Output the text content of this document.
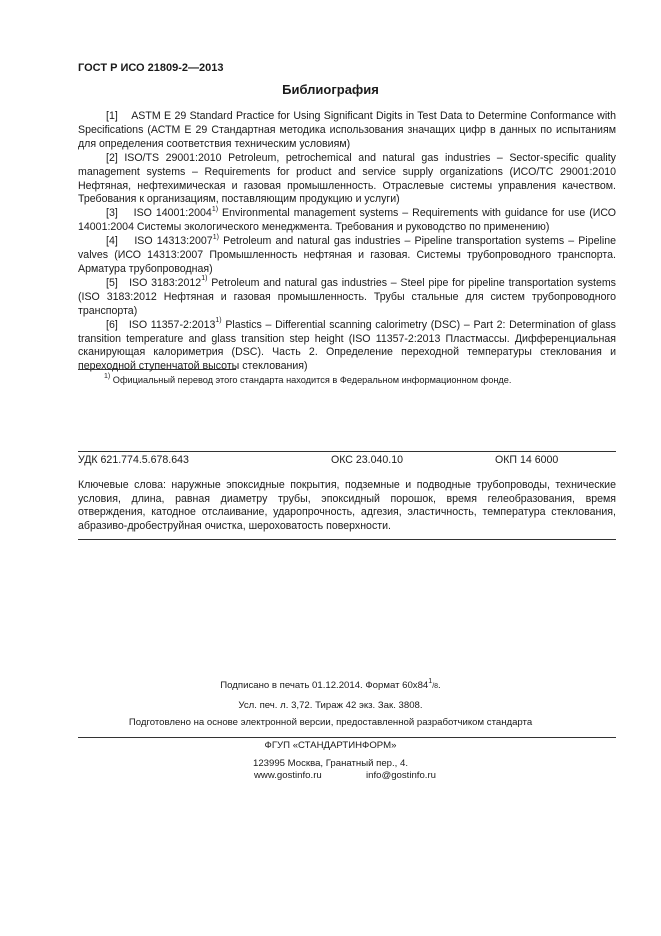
ГОСТ Р ИСО 21809-2—2013
Библиография

[1] ASTM E 29 Standard Practice for Using Significant Digits in Test Data to Determine Conformance with Specifications (АСТМ Е 29 Стандартная методика использования значащих цифр в данных по испытаниям для определения соответствия техническим условиям)

[2] ISO/TS 29001:2010 Petroleum, petrochemical and natural gas industries – Sector-specific quality management systems – Requirements for product and service supply organizations (ИСО/ТС 29001:2010 Нефтяная, нефтехимическая и газовая промышленность. Отраслевые системы управления качеством. Требования к организациям, поставляющим продукцию и услуги)

[3] ISO 14001:2004$^{1)}$ Environmental management systems – Requirements with guidance for use (ИСО 14001:2004 Системы экологического менеджмента. Требования и руководство по применению)

[4] ISO 14313:2007$^{1)}$ Petroleum and natural gas industries – Pipeline transportation systems – Pipeline valves (ИСО 14313:2007 Промышленность нефтяная и газовая. Системы трубопроводного транспорта. Арматура трубопроводная)

[5] ISO 3183:2012$^{1)}$ Petroleum and natural gas industries – Steel pipe for pipeline transportation systems (ISO 3183:2012 Нефтяная и газовая промышленность. Трубы стальные для систем трубопроводного транспорта)

[6] ISO 11357-2:2013$^{1)}$ Plastics – Differential scanning calorimetry (DSC) – Part 2: Determination of glass transition temperature and glass transition step height (ISO 11357-2:2013 Пластмассы. Дифференциальная сканирующая калориметрия (DSC). Часть 2. Определение переходной температуры стеклования и переходной ступенчатой высоты стеклования)

$^{1)}$ Официальный перевод этого стандарта находится в Федеральном информационном фонде.
УДК 621.774.5.678.643	ОКС 23.040.10	ОКП 14 6000

Ключевые слова: наружные эпоксидные покрытия, подземные и подводные трубопроводы, технические условия, длина, равная диаметру трубы, эпоксидный порошок, время гелеобразования, время отверждения, катодное отслаивание, ударопрочность, адгезия, эластичность, температура стеклования, абразиво-дробеструйная очистка, шероховатость поверхности.

Подписано в печать 01.12.2014. Формат $60х84^1/8$.
Усл. печ. л. 3,72. Тираж 42 экз. Зак. 3808.
Подготовлено на основе электронной версии, предоставленной разработчиком стандарта
ФГУП «СТАНДАРТИНФОРМ»
123995 Москва, Гранатный пер., 4.
www.gostinfo.ru	info@gostinfo.ru
